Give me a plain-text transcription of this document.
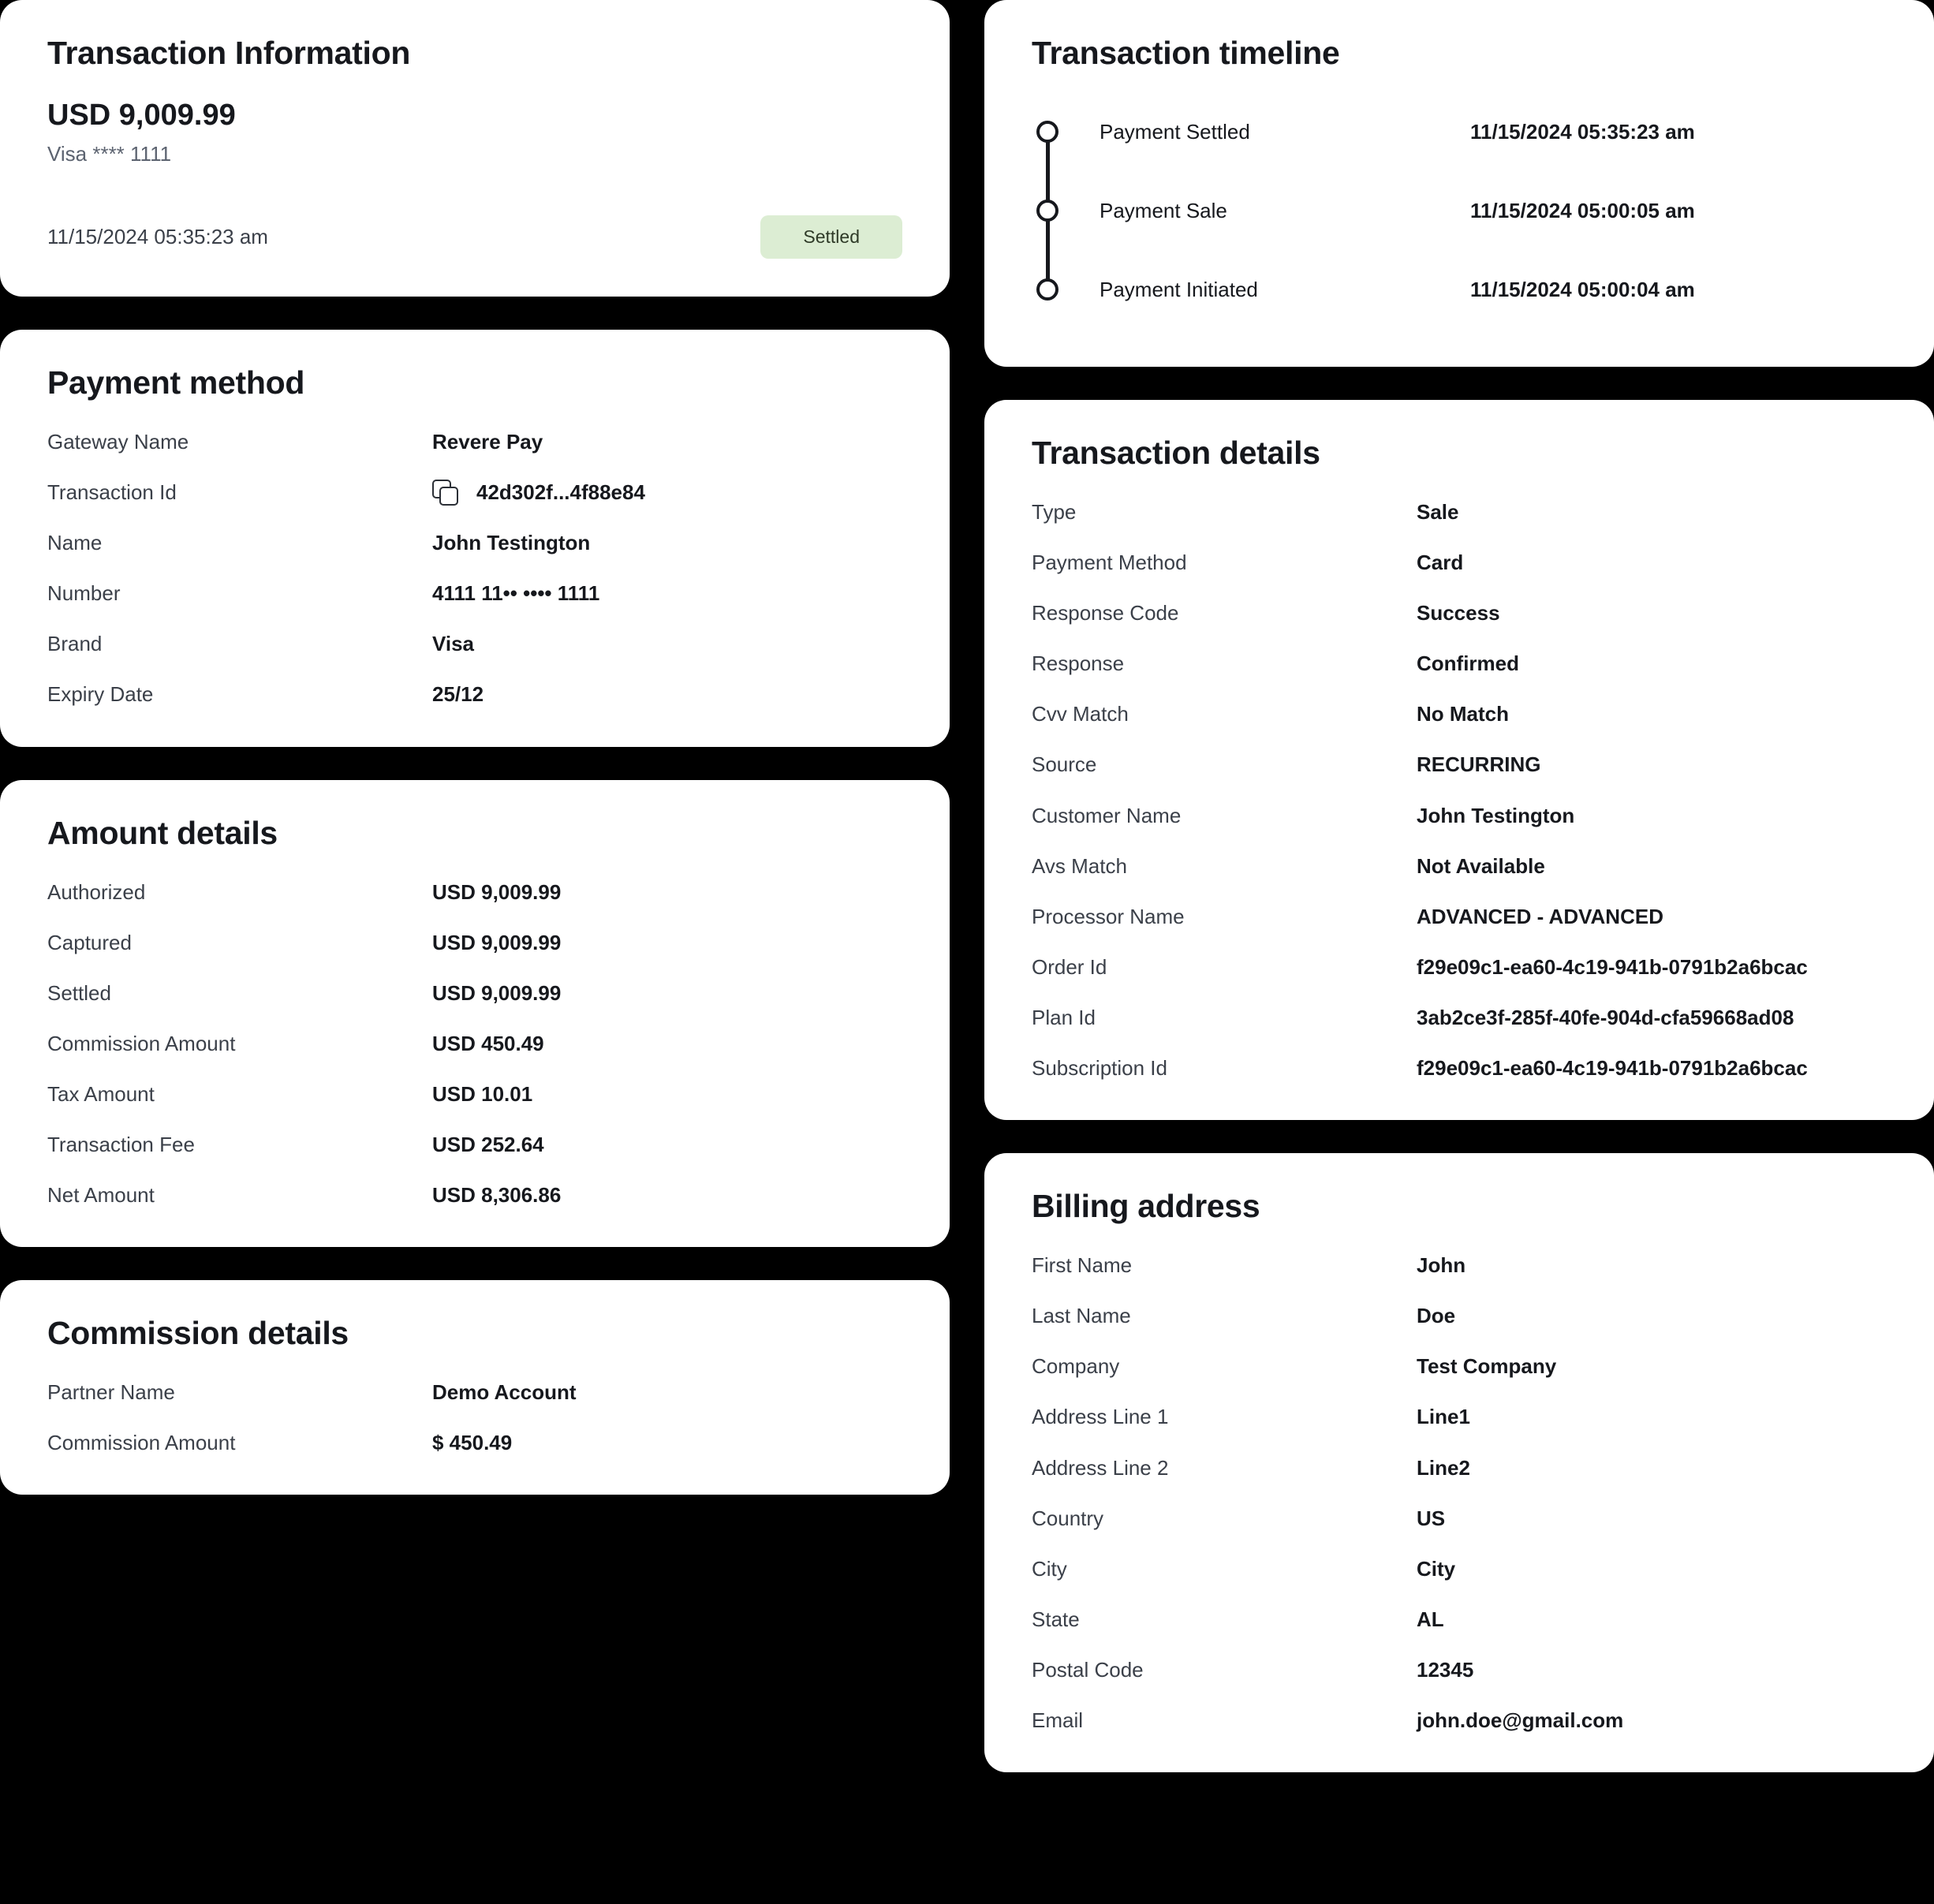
Transaction Information
USD 9,009.99
Visa **** 1111
11/15/2024 05:35:23 am	Settled
Payment method
Gateway Name	Revere Pay
Transaction Id	42d302f...4f88e84
Name	John Testington
Number	4111 11•• •••• 1111
Brand	Visa
Expiry Date	25/12
Amount details
Authorized	USD 9,009.99
Captured	USD 9,009.99
Settled	USD 9,009.99
Commission Amount	USD 450.49
Tax Amount	USD 10.01
Transaction Fee	USD 252.64
Net Amount	USD 8,306.86
Commission details
Partner Name	Demo Account
Commission Amount	$ 450.49
Transaction timeline
Payment Settled	11/15/2024 05:35:23 am
Payment Sale	11/15/2024 05:00:05 am
Payment Initiated	11/15/2024 05:00:04 am
Transaction details
Type	Sale
Payment Method	Card
Response Code	Success
Response	Confirmed
Cvv Match	No Match
Source	RECURRING
Customer Name	John Testington
Avs Match	Not Available
Processor Name	ADVANCED - ADVANCED
Order Id	f29e09c1-ea60-4c19-941b-0791b2a6bcac
Plan Id	3ab2ce3f-285f-40fe-904d-cfa59668ad08
Subscription Id	f29e09c1-ea60-4c19-941b-0791b2a6bcac
Billing address
First Name	John
Last Name	Doe
Company	Test Company
Address Line 1	Line1
Address Line 2	Line2
Country	US
City	City
State	AL
Postal Code	12345
Email	john.doe@gmail.com
